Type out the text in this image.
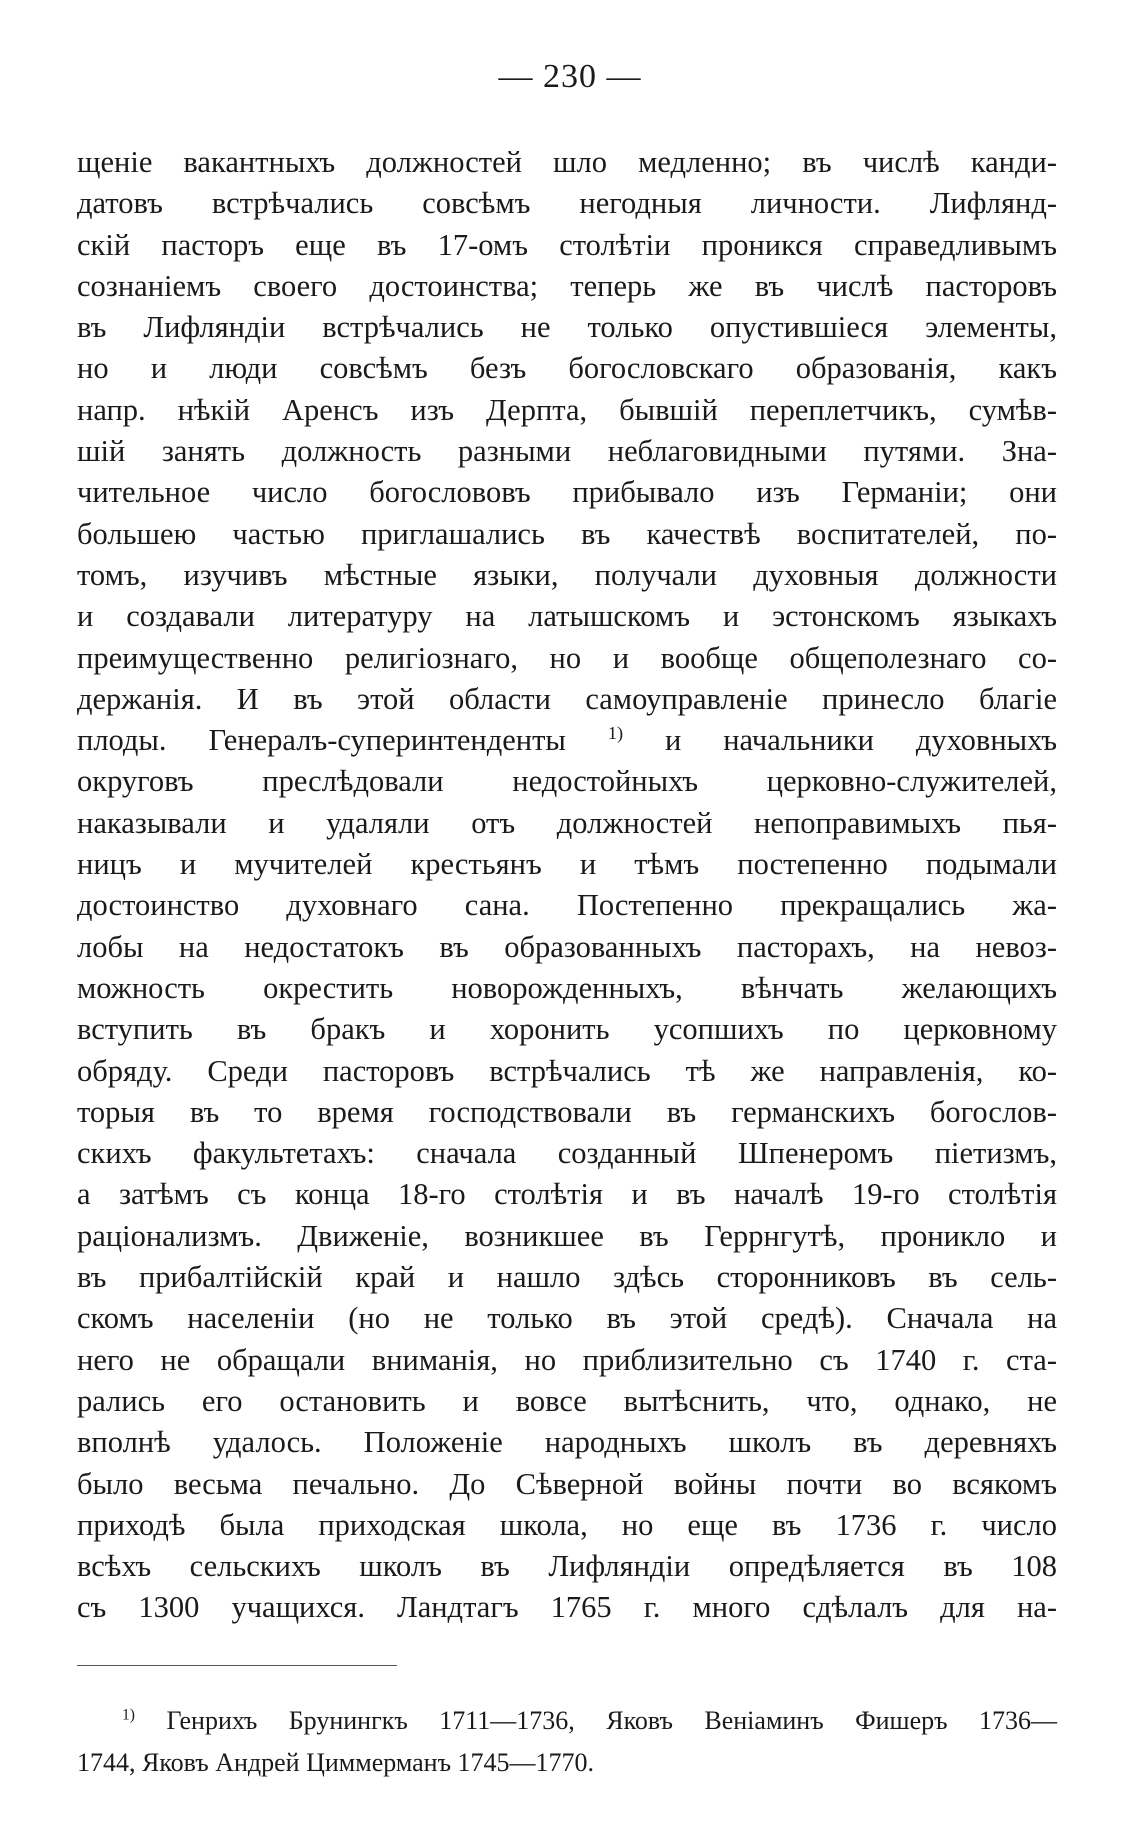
— 230 —
щеніе вакантныхъ должностей шло медленно; въ числѣ канди-
датовъ встрѣчались совсѣмъ негодныя личности. Лифлянд-
скій пасторъ еще въ 17-омъ столѣтіи проникся справедливымъ
сознаніемъ своего достоинства; теперь же въ числѣ пасторовъ
въ Лифляндіи встрѣчались не только опустившіеся элементы,
но и люди совсѣмъ безъ богословскаго образованія, какъ
напр. нѣкій Аренсъ изъ Дерпта, бывшій переплетчикъ, сумѣв-
шій занять должность разными неблаговидными путями. Зна-
чительное число богослововъ прибывало изъ Германіи; они
большею частью приглашались въ качествѣ воспитателей, по-
томъ, изучивъ мѣстные языки, получали духовныя должности
и создавали литературу на латышскомъ и эстонскомъ языкахъ
преимущественно религіознаго, но и вообще общеполезнаго со-
держанія. И въ этой области самоуправленіе принесло благіе
плоды. Генералъ-суперинтенденты $^{1)}$ и начальники духовныхъ
округовъ преслѣдовали недостойныхъ церковно-служителей,
наказывали и удаляли отъ должностей непоправимыхъ пья-
ницъ и мучителей крестьянъ и тѣмъ постепенно подымали
достоинство духовнаго сана. Постепенно прекращались жа-
лобы на недостатокъ въ образованныхъ пасторахъ, на невоз-
можность окрестить новорожденныхъ, вѣнчать желающихъ
вступить въ бракъ и хоронить усопшихъ по церковному
обряду. Среди пасторовъ встрѣчались тѣ же направленія, ко-
торыя въ то время господствовали въ германскихъ богослов-
скихъ факультетахъ: сначала созданный Шпенеромъ піетизмъ,
а затѣмъ съ конца 18-го столѣтія и въ началѣ 19-го столѣтія
раціонализмъ. Движеніе, возникшее въ Геррнгутѣ, проникло и
въ прибалтійскій край и нашло здѣсь сторонниковъ въ сель-
скомъ населеніи (но не только въ этой средѣ). Сначала на
него не обращали вниманія, но приблизительно съ 1740 г. ста-
рались его остановить и вовсе вытѣснить, что, однако, не
вполнѣ удалось. Положеніе народныхъ школъ въ деревняхъ
было весьма печально. До Сѣверной войны почти во всякомъ
приходѣ была приходская школа, но еще въ 1736 г. число
всѣхъ сельскихъ школъ въ Лифляндіи опредѣляется въ 108
съ 1300 учащихся. Ландтагъ 1765 г. много сдѣлалъ для на-
$^{1)}$ Генрихъ Брунингкъ 1711—1736, Яковъ Веніаминъ Фишеръ 1736—
1744, Яковъ Андрей Циммерманъ 1745—1770.
